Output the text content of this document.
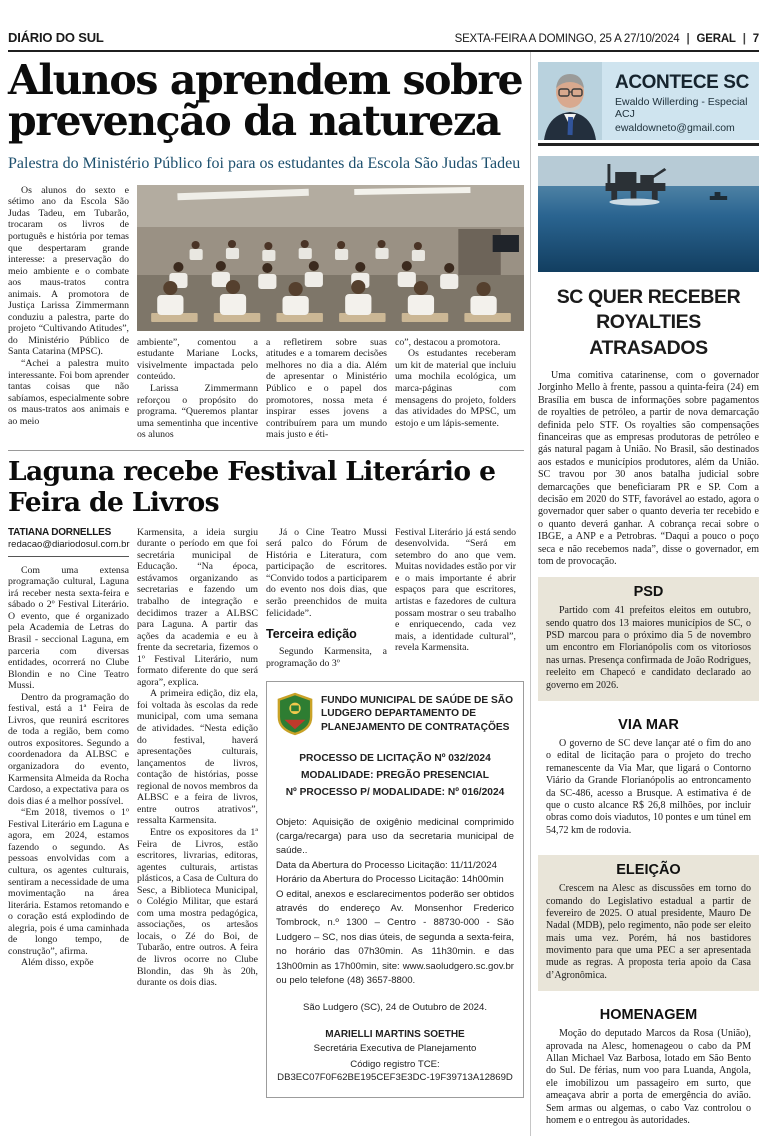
DIÁRIO DO SUL	SEXTA-FEIRA A DOMINGO, 25 A 27/10/2024 | GERAL | 7
Alunos aprendem sobre prevenção da natureza
Palestra do Ministério Público foi para os estudantes da Escola São Judas Tadeu

Os alunos do sexto e sétimo ano da Escola São Judas Tadeu, em Tubarão, trocaram os livros de português e história por temas que despertaram grande interesse: a preservação do meio ambiente e o combate aos maus-tratos contra animais. A promotora de Justiça Larissa Zimmermann conduziu a palestra, parte do projeto “Cultivando Atitudes”, do Ministério Público de Santa Catarina (MPSC).

“Achei a palestra muito interessante. Foi bom aprender tantas coisas que não sabíamos, especialmente sobre os maus-tratos aos animais e ao meio

ambiente”, comentou a estudante Mariane Locks, visivelmente impactada pelo conteúdo.

Larissa Zimmermann reforçou o propósito do programa. “Queremos plantar uma sementinha que incentive os alunos

a refletirem sobre suas atitudes e a tomarem decisões melhores no dia a dia. Além de apresentar o Ministério Público e o papel dos promotores, nossa meta é inspirar esses jovens a contribuírem para um mundo mais justo e éti-

co”, destacou a promotora.

Os estudantes receberam um kit de material que incluiu uma mochila ecológica, um marca-páginas com mensagens do projeto, folders das atividades do MPSC, um estojo e um lápis-semente.

Laguna recebe Festival Literário e Feira de Livros
TATIANA DORNELLES
redacao@diariodosul.com.br

Com uma extensa programação cultural, Laguna irá receber nesta sexta-feira e sábado o 2º Festival Literário. O evento, que é organizado pela Academia de Letras do Brasil - seccional Laguna, em parceria com diversas entidades, ocorrerá no Clube Blondin e no Cine Teatro Mussi.

Dentro da programação do festival, está a 1ª Feira de Livros, que reunirá escritores de toda a região, bem como outros expositores. Segundo a coordenadora da ALBSC e organizadora do evento, Karmensita Almeida da Rocha Cardoso, a expectativa para os dois dias é a melhor possível.

“Em 2018, tivemos o 1º Festival Literário em Laguna e agora, em 2024, estamos fazendo o segundo. As pessoas envolvidas com a cultura, os agentes culturais, sentiram a necessidade de uma movimentação na área literária. Estamos retomando e o coração está explodindo de alegria, pois é uma caminhada de longo tempo, de construção”, afirma.

Além disso, expõe

Karmensita, a ideia surgiu durante o período em que foi secretária municipal de Educação. “Na época, estávamos organizando as secretarias e fazendo um trabalho de integração e decidimos trazer a ALBSC para Laguna. A partir das ações da academia e eu à frente da secretaria, fizemos o 1º Festival Literário, num formato diferente do que será agora”, explica.

A primeira edição, diz ela, foi voltada às escolas da rede municipal, com uma semana de atividades. “Nesta edição do festival, haverá apresentações culturais, lançamentos de livros, contação de histórias, posse regional de novos membros da ALBSC e a feira de livros, entre outros atrativos”, ressalta Karmensita.

Entre os expositores da 1ª Feira de Livros, estão escritores, livrarias, editoras, agentes culturais, artistas plásticos, a Casa de Cultura do Sesc, a Biblioteca Municipal, o Colégio Militar, que estará com uma mostra pedagógica, associações, os artesãos locais, o Zé do Boi, de Tubarão, entre outros. A feira de livros ocorre no Clube Blondin, das 9h às 20h, durante os dois dias.

Já o Cine Teatro Mussi será palco do Fórum de História e Literatura, com participação de escritores. “Convido todos a participarem do evento nos dois dias, que serão preenchidos de muita felicidade”.

Terceira edição

Segundo Karmensita, a programação do 3º

Festival Literário já está sendo desenvolvida. “Será em setembro do ano que vem. Muitas novidades estão por vir e o mais importante é abrir espaços para que escritores, artistas e fazedores de cultura possam mostrar o seu trabalho e enriquecendo, cada vez mais, a identidade cultural”, revela Karmensita.

FUNDO MUNICIPAL DE SAÚDE DE SÃO LUDGERO DEPARTAMENTO DE PLANEJAMENTO DE CONTRATAÇÕES
PROCESSO DE LICITAÇÃO Nº 032/2024
MODALIDADE: PREGÃO PRESENCIAL
Nº PROCESSO P/ MODALIDADE: Nº 016/2024
Objeto: Aquisição de oxigênio medicinal comprimido (carga/recarga) para uso da secretaria municipal de saúde..
Data da Abertura do Processo Licitação: 11/11/2024
Horário da Abertura do Processo Licitação: 14h00min
O edital, anexos e esclarecimentos poderão ser obtidos através do endereço Av. Monsenhor Frederico Tombrock, n.º 1300 – Centro - 88730-000 - São Ludgero – SC, nos dias úteis, de segunda a sexta-feira, no horário das 07h30min. As 11h30min. e das 13h00min as 17h00min, site: www.saoludgero.sc.gov.br ou pelo telefone (48) 3657-8800.
São Ludgero (SC), 24 de Outubro de 2024.
MARIELLI MARTINS SOETHE
Secretária Executiva de Planejamento
Código registro TCE: DB3EC07F0F62BE195CEF3E3DC-19F39713A12869D
ACONTECE SC
Ewaldo Willerding - Especial ACJ
ewaldowneto@gmail.com
SC QUER RECEBER ROYALTIES ATRASADOS

Uma comitiva catarinense, com o governador Jorginho Mello à frente, passou a quinta-feira (24) em Brasília em busca de informações sobre pagamentos de royalties de petróleo, a partir de nova demarcação definida pelo STF. Os royalties são compensações financeiras que as empresas produtoras de petróleo e gás natural pagam à União. No Brasil, são destinados aos estados e municípios produtores, além da União. SC travou por 30 anos batalha judicial sobre demarcações que beneficiaram PR e SP. Com a decisão em 2020 do STF, favorável ao estado, agora o governador quer saber o quanto deveria ter recebido e o quanto deverá ganhar. A cobrança recai sobre o IBGE, a ANP e a Petrobras. “Daqui a pouco o poço seca e não recebemos nada”, disse o governador, em tom de provocação.

PSD

Partido com 41 prefeitos eleitos em outubro, sendo quatro dos 13 maiores municípios de SC, o PSD marcou para o próximo dia 5 de novembro um encontro em Florianópolis com os vitoriosos nas urnas. Presença confirmada de João Rodrigues, reeleito em Chapecó e candidato declarado ao governo em 2026.

VIA MAR

O governo de SC deve lançar até o fim do ano o edital de licitação para o projeto do trecho remanescente da Via Mar, que ligará o Contorno Viário da Grande Florianópolis ao entroncamento da SC-486, acesso a Brusque. A estimativa é de que o custo alcance R$ 26,8 milhões, por incluir obras como dois viadutos, 10 pontes e um túnel em 54,72 km de rodovia.

ELEIÇÃO

Crescem na Alesc as discussões em torno do comando do Legislativo estadual a partir de fevereiro de 2025. O atual presidente, Mauro De Nadal (MDB), pelo regimento, não pode ser eleito mais uma vez. Porém, há nos bastidores movimento para que uma PEC a ser apresentada mude as regras. A proposta teria apoio da Casa d’Agronômica.

HOMENAGEM

Moção do deputado Marcos da Rosa (União), aprovada na Alesc, homenageou o cabo da PM Allan Michael Vaz Barbosa, lotado em São Bento do Sul. De férias, num voo para Luanda, Angola, ele imobilizou um passageiro em surto, que ameaçava abrir a porta de emergência do avião. Sem armas ou algemas, o cabo Vaz controlou o homem e o entregou às autoridades.
